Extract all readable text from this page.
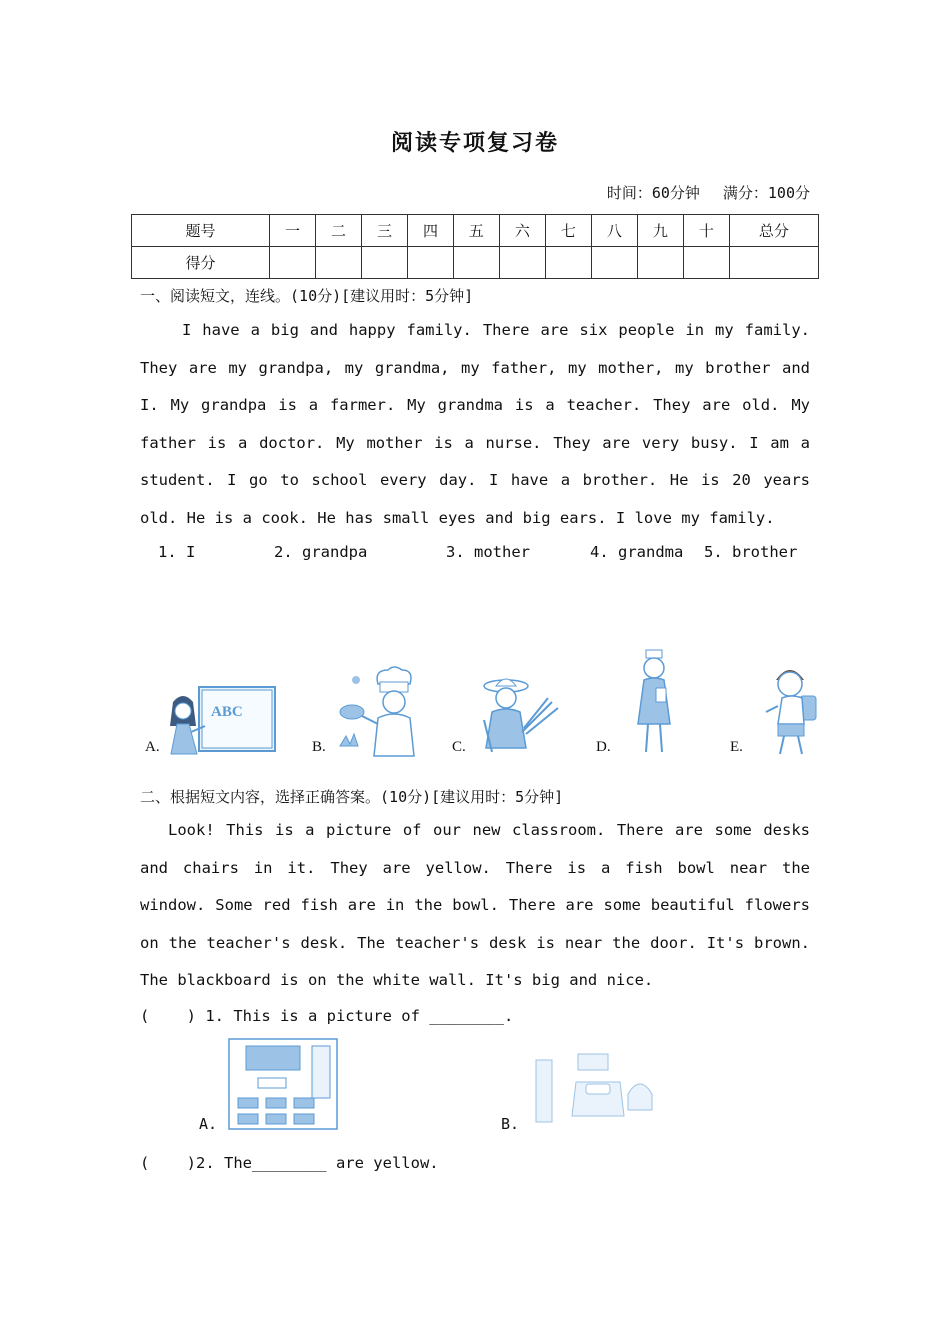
阅读专项复习卷
时间：60分钟 满分：100分
题号	一	二	三	四	五	六	七	八	九	十	总分
得分											
一、阅读短文，连线。(10分)[建议用时：5分钟]
I have a big and happy family. There are six people in my family. They are my grandpa, my grandma, my father, my mother, my brother and I. My grandpa is a farmer. My grandma is a teacher. They are old. My father is a doctor. My mother is a nurse. They are very busy. I am a student. I go to school every day. I have a brother. He is 20 years old. He is a cook. He has small eyes and big ears. I love my family.
1. I	2. grandpa	3. mother	4. grandma 5. brother
A.
ABC
B.	C.	D.	E.
二、根据短文内容，选择正确答案。(10分)[建议用时：5分钟]
Look! This is a picture of our new classroom. There are some desks and chairs in it. They are yellow. There is a fish bowl near the window. Some red fish are in the bowl. There are some beautiful flowers on the teacher's desk. The teacher's desk is near the door. It's brown. The blackboard is on the white wall. It's big and nice.
(    ) 1. This is a picture of ________.
A.	B.
(    )2. The________ are yellow.
